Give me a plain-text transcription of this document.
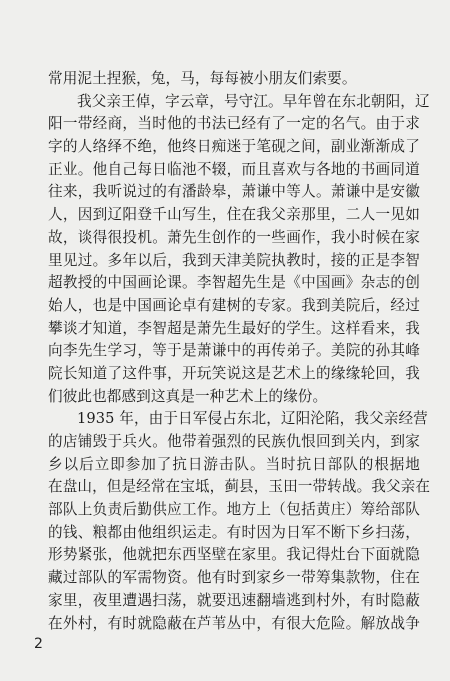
常用泥土捏猴，兔，马，每每被小朋友们索要。
我父亲王倬，字云章，号守江。早年曾在东北朝阳，辽
阳一带经商，当时他的书法已经有了一定的名气。由于求
字的人络绎不绝，他终日痴迷于笔砚之间，副业渐渐成了
正业。他自己每日临池不辍，而且喜欢与各地的书画同道
往来，我听说过的有潘龄皋，萧谦中等人。萧谦中是安徽
人，因到辽阳登千山写生，住在我父亲那里，二人一见如
故，谈得很投机。萧先生创作的一些画作，我小时候在家
里见过。多年以后，我到天津美院执教时，接的正是李智
超教授的中国画论课。李智超先生是《中国画》杂志的创
始人，也是中国画论卓有建树的专家。我到美院后，经过
攀谈才知道，李智超是萧先生最好的学生。这样看来，我
向李先生学习，等于是萧谦中的再传弟子。美院的孙其峰
院长知道了这件事，开玩笑说这是艺术上的缘缘轮回，我
们彼此也都感到这真是一种艺术上的缘份。
1935 年，由于日军侵占东北，辽阳沦陷，我父亲经营
的店铺毁于兵火。他带着强烈的民族仇恨回到关内，到家
乡以后立即参加了抗日游击队。当时抗日部队的根据地
在盘山，但是经常在宝坻，蓟县，玉田一带转战。我父亲在
部队上负责后勤供应工作。地方上（包括黄庄）筹给部队
的钱、粮都由他组织运走。有时因为日军不断下乡扫荡，
形势紧张，他就把东西坚壁在家里。我记得灶台下面就隐
藏过部队的军需物资。他有时到家乡一带筹集款物，住在
家里，夜里遭遇扫荡，就要迅速翻墙逃到村外，有时隐蔽
在外村，有时就隐蔽在芦苇丛中，有很大危险。解放战争
2
